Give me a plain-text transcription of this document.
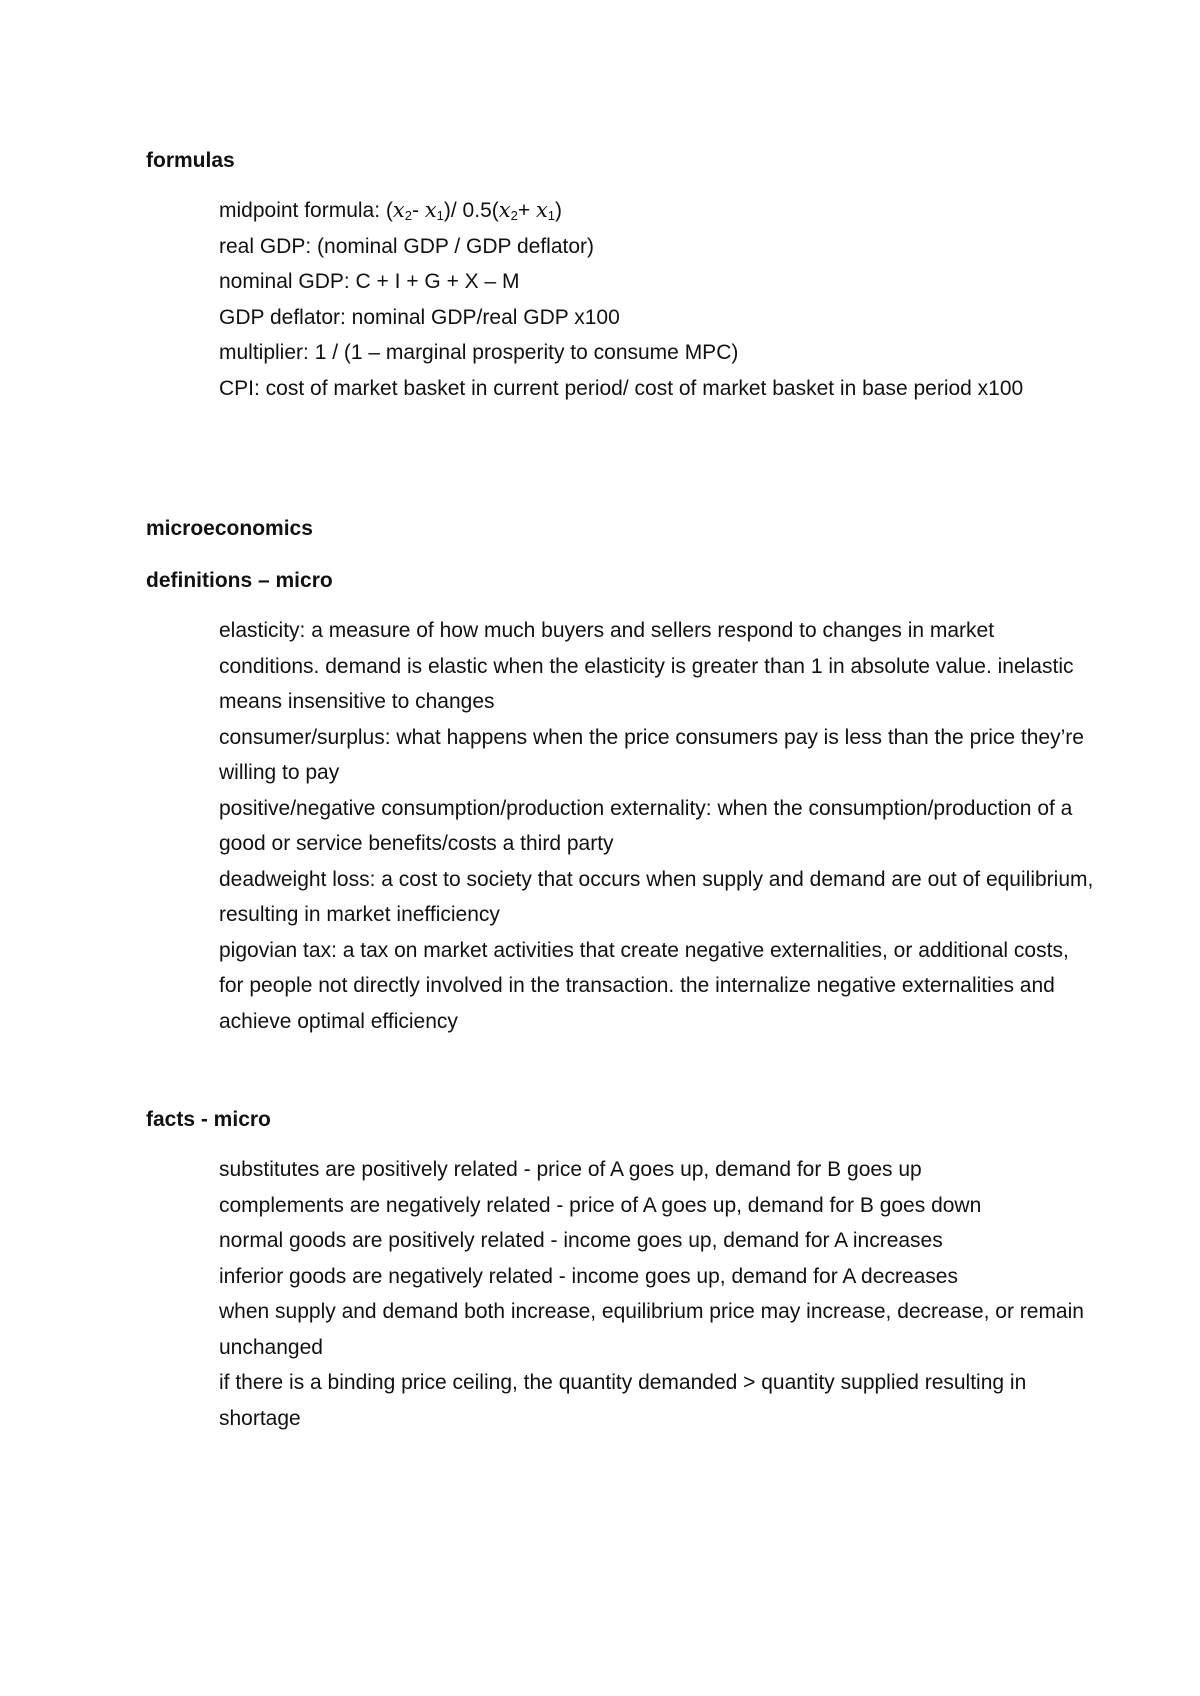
formulas
midpoint formula: ($x_2-$ $x_1)/$ $0.5(x_2+ x_1)$
real GDP: (nominal GDP / GDP deflator)
nominal GDP: C + I + G + X – M
GDP deflator: nominal GDP/real GDP x100
multiplier: 1 / (1 – marginal prosperity to consume MPC)
CPI: cost of market basket in current period/ cost of market basket in base period x100
microeconomics
definitions – micro
elasticity: a measure of how much buyers and sellers respond to changes in market conditions. demand is elastic when the elasticity is greater than 1 in absolute value. inelastic means insensitive to changes
consumer/surplus: what happens when the price consumers pay is less than the price they’re willing to pay
positive/negative consumption/production externality: when the consumption/production of a good or service benefits/costs a third party
deadweight loss: a cost to society that occurs when supply and demand are out of equilibrium, resulting in market inefficiency
pigovian tax: a tax on market activities that create negative externalities, or additional costs, for people not directly involved in the transaction. the internalize negative externalities and achieve optimal efficiency
facts - micro
substitutes are positively related - price of A goes up, demand for B goes up
complements are negatively related - price of A goes up, demand for B goes down
normal goods are positively related - income goes up, demand for A increases
inferior goods are negatively related - income goes up, demand for A decreases
when supply and demand both increase, equilibrium price may increase, decrease, or remain unchanged
if there is a binding price ceiling, the quantity demanded > quantity supplied resulting in shortage
